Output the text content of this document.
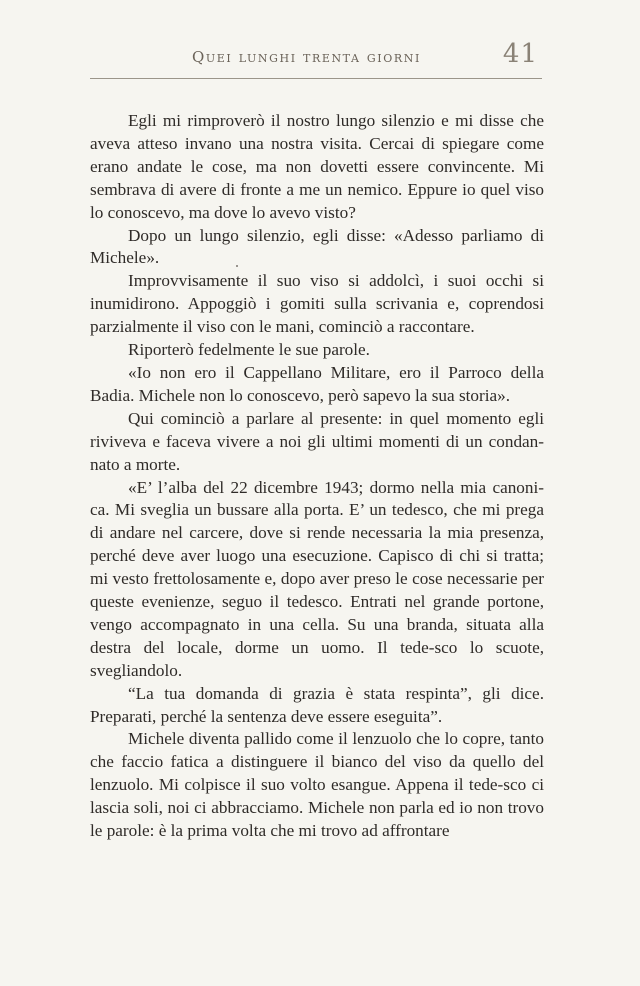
Quei lunghi trenta giorni	41

Egli mi rimproverò il nostro lungo silenzio e mi disse che aveva atteso invano una nostra visita. Cercai di spiegare come erano andate le cose, ma non dovetti essere convincente. Mi sembrava di avere di fronte a me un nemico. Eppure io quel viso lo conoscevo, ma dove lo avevo visto?

Dopo un lungo silenzio, egli disse: «Adesso parliamo di Michele».

Improvvisamente il suo viso si addolcì, i suoi occhi si inumidirono. Appoggiò i gomiti sulla scrivania e, coprendosi parzialmente il viso con le mani, cominciò a raccontare.

Riporterò fedelmente le sue parole.

«Io non ero il Cappellano Militare, ero il Parroco della Badia. Michele non lo conoscevo, però sapevo la sua storia».

Qui cominciò a parlare al presente: in quel momento egli riviveva e faceva vivere a noi gli ultimi momenti di un condan-nato a morte.

«E’ l’alba del 22 dicembre 1943; dormo nella mia canoni-ca. Mi sveglia un bussare alla porta. E’ un tedesco, che mi prega di andare nel carcere, dove si rende necessaria la mia presenza, perché deve aver luogo una esecuzione. Capisco di chi si tratta; mi vesto frettolosamente e, dopo aver preso le cose necessarie per queste evenienze, seguo il tedesco. Entrati nel grande portone, vengo accompagnato in una cella. Su una branda, situata alla destra del locale, dorme un uomo. Il tede-sco lo scuote, svegliandolo.

“La tua domanda di grazia è stata respinta”, gli dice. Preparati, perché la sentenza deve essere eseguita”.

Michele diventa pallido come il lenzuolo che lo copre, tanto che faccio fatica a distinguere il bianco del viso da quello del lenzuolo. Mi colpisce il suo volto esangue. Appena il tede-sco ci lascia soli, noi ci abbracciamo. Michele non parla ed io non trovo le parole: è la prima volta che mi trovo ad affrontare
